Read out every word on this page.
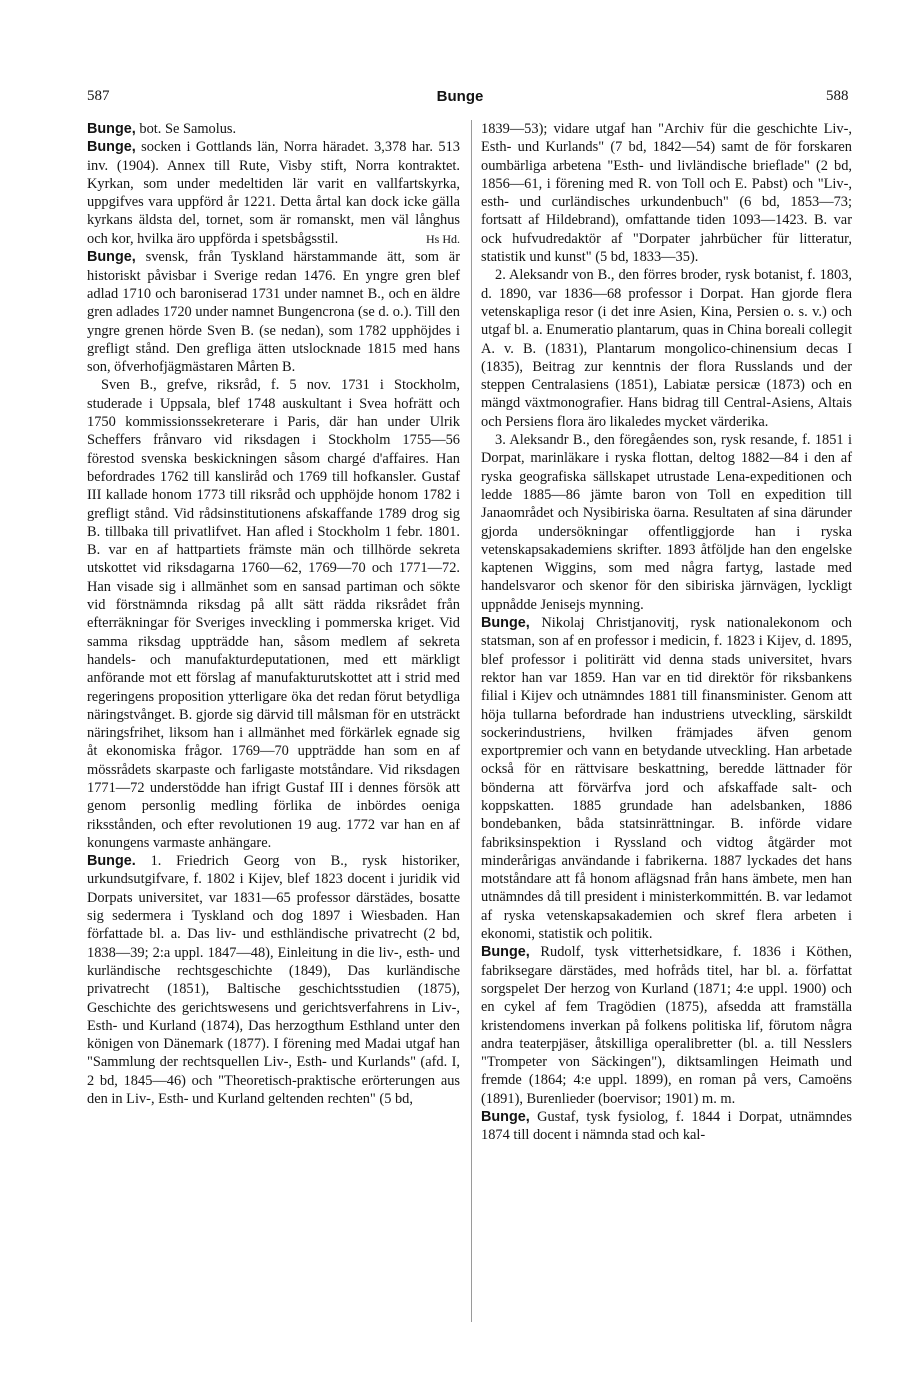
587	Bunge	588

Bunge, bot. Se Samolus.

Bunge, socken i Gottlands län, Norra häradet. 3,378 har. 513 inv. (1904). Annex till Rute, Visby stift, Norra kontraktet. Kyrkan, som under medeltiden lär varit en vallfartskyrka, uppgifves vara uppförd år 1221. Detta årtal kan dock icke gälla kyrkans äldsta del, tornet, som är romanskt, men väl långhus och kor, hvilka äro uppförda i spetsbågsstil.	Hs Hd.

Bunge, svensk, från Tyskland härstammande ätt, som är historiskt påvisbar i Sverige redan 1476. En yngre gren blef adlad 1710 och baroniserad 1731 under namnet B., och en äldre gren adlades 1720 under namnet Bungencrona (se d. o.). Till den yngre grenen hörde Sven B. (se nedan), som 1782 upphöjdes i grefligt stånd. Den grefliga ätten utslocknade 1815 med hans son, öfverhofjägmästaren Mårten B.

Sven B., grefve, riksråd, f. 5 nov. 1731 i Stockholm, studerade i Uppsala, blef 1748 auskultant i Svea hofrätt och 1750 kommissionssekreterare i Paris, där han under Ulrik Scheffers frånvaro vid riksdagen i Stockholm 1755—56 förestod svenska beskickningen såsom chargé d'affaires. Han befordrades 1762 till kansliråd och 1769 till hofkansler. Gustaf III kallade honom 1773 till riksråd och upphöjde honom 1782 i grefligt stånd. Vid rådsinstitutionens afskaffande 1789 drog sig B. tillbaka till privatlifvet. Han afled i Stockholm 1 febr. 1801. B. var en af hattpartiets främste män och tillhörde sekreta utskottet vid riksdagarna 1760—62, 1769—70 och 1771—72. Han visade sig i allmänhet som en sansad partiman och sökte vid förstnämnda riksdag på allt sätt rädda riksrådet från efterräkningar för Sveriges inveckling i pommerska kriget. Vid samma riksdag uppträdde han, såsom medlem af sekreta handels- och manufakturdeputationen, med ett märkligt anförande mot ett förslag af manufakturutskottet att i strid med regeringens proposition ytterligare öka det redan förut betydliga näringstvånget. B. gjorde sig därvid till målsman för en utsträckt näringsfrihet, liksom han i allmänhet med förkärlek egnade sig åt ekonomiska frågor. 1769—70 uppträdde han som en af mössrådets skarpaste och farligaste motståndare. Vid riksdagen 1771—72 understödde han ifrigt Gustaf III i dennes försök att genom personlig medling förlika de inbördes oeniga riksstånden, och efter revolutionen 19 aug. 1772 var han en af konungens varmaste anhängare.

Bunge. 1. Friedrich Georg von B., rysk historiker, urkundsutgifvare, f. 1802 i Kijev, blef 1823 docent i juridik vid Dorpats universitet, var 1831—65 professor därstädes, bosatte sig sedermera i Tyskland och dog 1897 i Wiesbaden. Han författade bl. a. Das liv- und esthländische privatrecht (2 bd, 1838—39; 2:a uppl. 1847—48), Einleitung in die liv-, esth- und kurländische rechtsgeschichte (1849), Das kurländische privatrecht (1851), Baltische geschichtsstudien (1875), Geschichte des gerichtswesens und gerichtsverfahrens in Liv-, Esth- und Kurland (1874), Das herzogthum Esthland unter den königen von Dänemark (1877). I förening med Madai utgaf han "Sammlung der rechtsquellen Liv-, Esth- und Kurlands" (afd. I, 2 bd, 1845—46) och "Theoretisch-praktische erörterungen aus den in Liv-, Esth- und Kurland geltenden rechten" (5 bd,

1839—53); vidare utgaf han "Archiv für die geschichte Liv-, Esth- und Kurlands" (7 bd, 1842—54) samt de för forskaren oumbärliga arbetena "Esth- und livländische brieflade" (2 bd, 1856—61, i förening med R. von Toll och E. Pabst) och "Liv-, esth- und curländisches urkundenbuch" (6 bd, 1853—73; fortsatt af Hildebrand), omfattande tiden 1093—1423. B. var ock hufvudredaktör af "Dorpater jahrbücher für litteratur, statistik und kunst" (5 bd, 1833—35).

2. Aleksandr von B., den förres broder, rysk botanist, f. 1803, d. 1890, var 1836—68 professor i Dorpat. Han gjorde flera vetenskapliga resor (i det inre Asien, Kina, Persien o. s. v.) och utgaf bl. a. Enumeratio plantarum, quas in China boreali collegit A. v. B. (1831), Plantarum mongolico-chinensium decas I (1835), Beitrag zur kenntnis der flora Russlands und der steppen Centralasiens (1851), Labiatæ persicæ (1873) och en mängd växtmonografier. Hans bidrag till Central-Asiens, Altais och Persiens flora äro likaledes mycket värderika.

3. Aleksandr B., den föregåendes son, rysk resande, f. 1851 i Dorpat, marinläkare i ryska flottan, deltog 1882—84 i den af ryska geografiska sällskapet utrustade Lena-expeditionen och ledde 1885—86 jämte baron von Toll en expedition till Janaområdet och Nysibiriska öarna. Resultaten af sina därunder gjorda undersökningar offentliggjorde han i ryska vetenskapsakademiens skrifter. 1893 åtföljde han den engelske kaptenen Wiggins, som med några fartyg, lastade med handelsvaror och skenor för den sibiriska järnvägen, lyckligt uppnådde Jenisejs mynning.

Bunge, Nikolaj Christjanovitj, rysk nationalekonom och statsman, son af en professor i medicin, f. 1823 i Kijev, d. 1895, blef professor i politirätt vid denna stads universitet, hvars rektor han var 1859. Han var en tid direktör för riksbankens filial i Kijev och utnämndes 1881 till finansminister. Genom att höja tullarna befordrade han industriens utveckling, särskildt sockerindustriens, hvilken främjades äfven genom exportpremier och vann en betydande utveckling. Han arbetade också för en rättvisare beskattning, beredde lättnader för bönderna att förvärfva jord och afskaffade salt- och koppskatten. 1885 grundade han adelsbanken, 1886 bondebanken, båda statsinrättningar. B. införde vidare fabriksinspektion i Ryssland och vidtog åtgärder mot minderårigas användande i fabrikerna. 1887 lyckades det hans motståndare att få honom aflägsnad från hans ämbete, men han utnämndes då till president i ministerkommittén. B. var ledamot af ryska vetenskapsakademien och skref flera arbeten i ekonomi, statistik och politik.

Bunge, Rudolf, tysk vitterhetsidkare, f. 1836 i Köthen, fabriksegare därstädes, med hofråds titel, har bl. a. författat sorgspelet Der herzog von Kurland (1871; 4:e uppl. 1900) och en cykel af fem Tragödien (1875), afsedda att framställa kristendomens inverkan på folkens politiska lif, förutom några andra teaterpjäser, åtskilliga operalibretter (bl. a. till Nesslers "Trompeter von Säckingen"), diktsamlingen Heimath und fremde (1864; 4:e uppl. 1899), en roman på vers, Camoëns (1891), Burenlieder (boervisor; 1901) m. m.

Bunge, Gustaf, tysk fysiolog, f. 1844 i Dorpat, utnämndes 1874 till docent i nämnda stad och kal-
